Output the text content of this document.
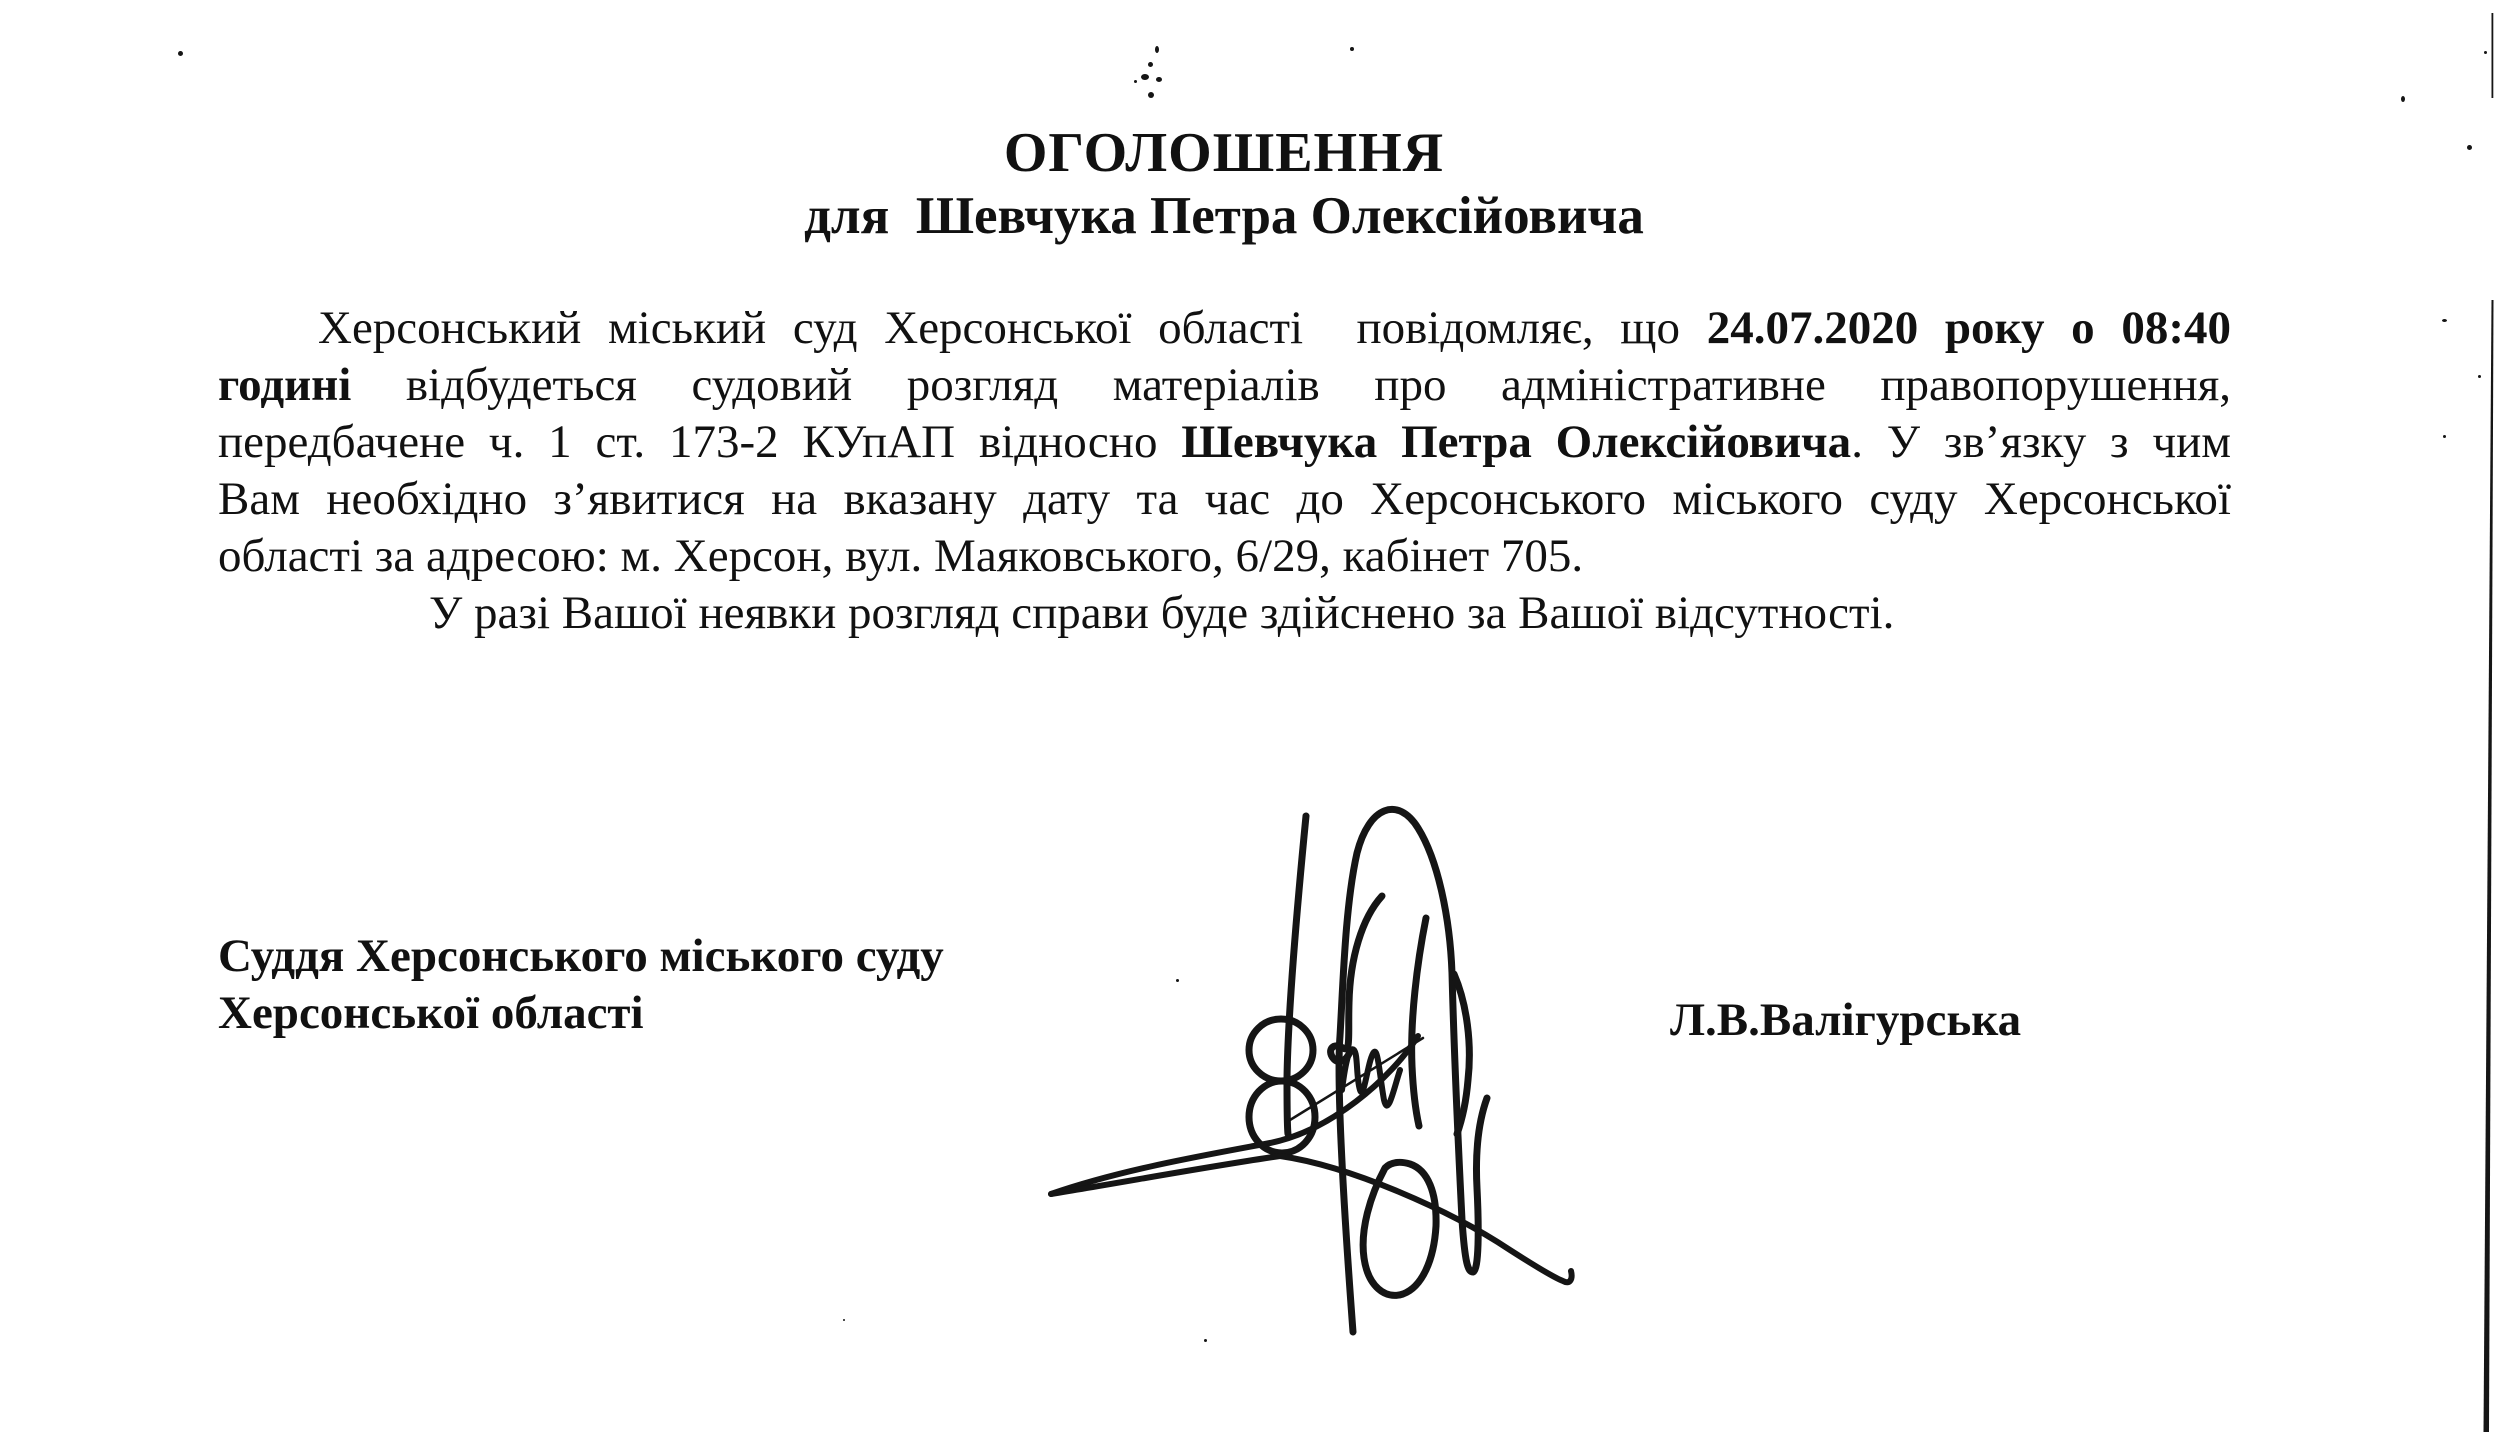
ОГОЛОШЕННЯ
для  Шевчука Петра Олексійовича
Херсонський міський суд Херсонської області  повідомляє, що 24.07.2020 року о 08:40
годині відбудеться судовий розгляд матеріалів про адміністративне правопорушення,
передбачене ч. 1 ст. 173-2 КУпАП відносно Шевчука Петра Олексійовича. У зв’язку з чим
Вам необхідно з’явитися на вказану дату та час до Херсонського міського суду Херсонської
області за адресою: м. Херсон, вул. Маяковського, 6/29, кабінет 705.
У разі Вашої неявки розгляд справи буде здійснено за Вашої відсутності.
Суддя Херсонського міського суду
Херсонської області	Л.В.Валігурська
